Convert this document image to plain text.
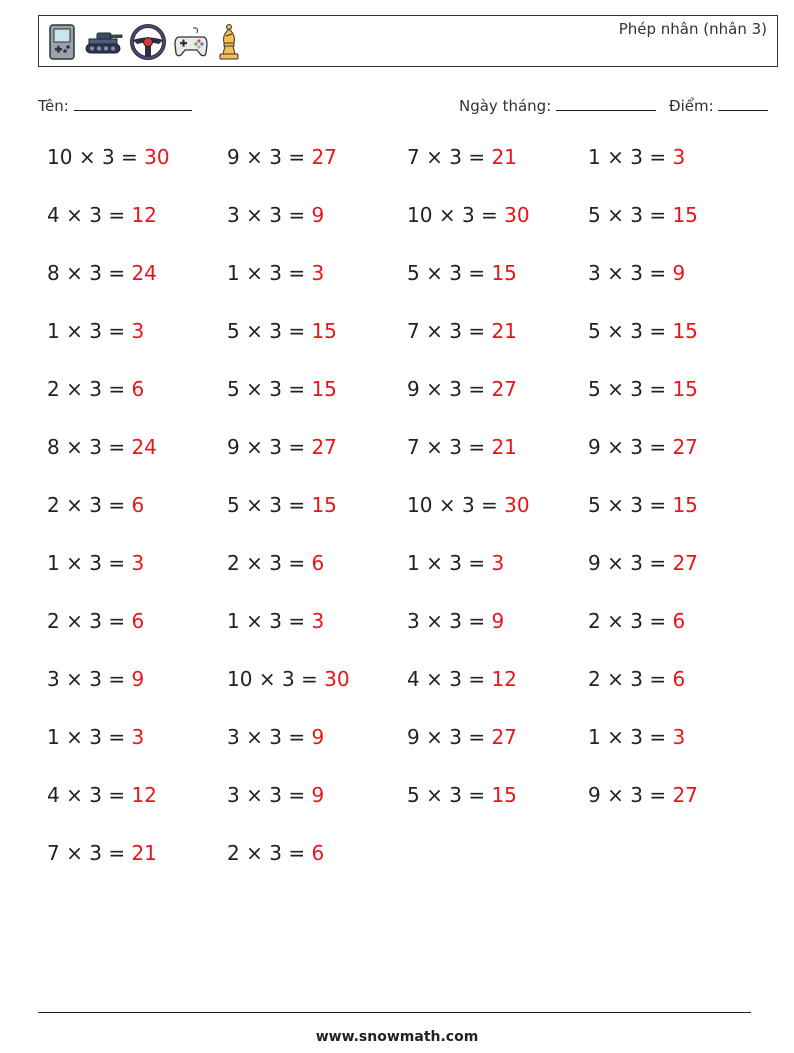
Phép nhân (nhân 3)
Tên:	Ngày tháng:	Điểm:
10 × 3 = 30	9 × 3 = 27	7 × 3 = 21	1 × 3 = 3
4 × 3 = 12	3 × 3 = 9	10 × 3 = 30	5 × 3 = 15
8 × 3 = 24	1 × 3 = 3	5 × 3 = 15	3 × 3 = 9
1 × 3 = 3	5 × 3 = 15	7 × 3 = 21	5 × 3 = 15
2 × 3 = 6	5 × 3 = 15	9 × 3 = 27	5 × 3 = 15
8 × 3 = 24	9 × 3 = 27	7 × 3 = 21	9 × 3 = 27
2 × 3 = 6	5 × 3 = 15	10 × 3 = 30	5 × 3 = 15
1 × 3 = 3	2 × 3 = 6	1 × 3 = 3	9 × 3 = 27
2 × 3 = 6	1 × 3 = 3	3 × 3 = 9	2 × 3 = 6
3 × 3 = 9	10 × 3 = 30	4 × 3 = 12	2 × 3 = 6
1 × 3 = 3	3 × 3 = 9	9 × 3 = 27	1 × 3 = 3
4 × 3 = 12	3 × 3 = 9	5 × 3 = 15	9 × 3 = 27
7 × 3 = 21	2 × 3 = 6
www.snowmath.com
